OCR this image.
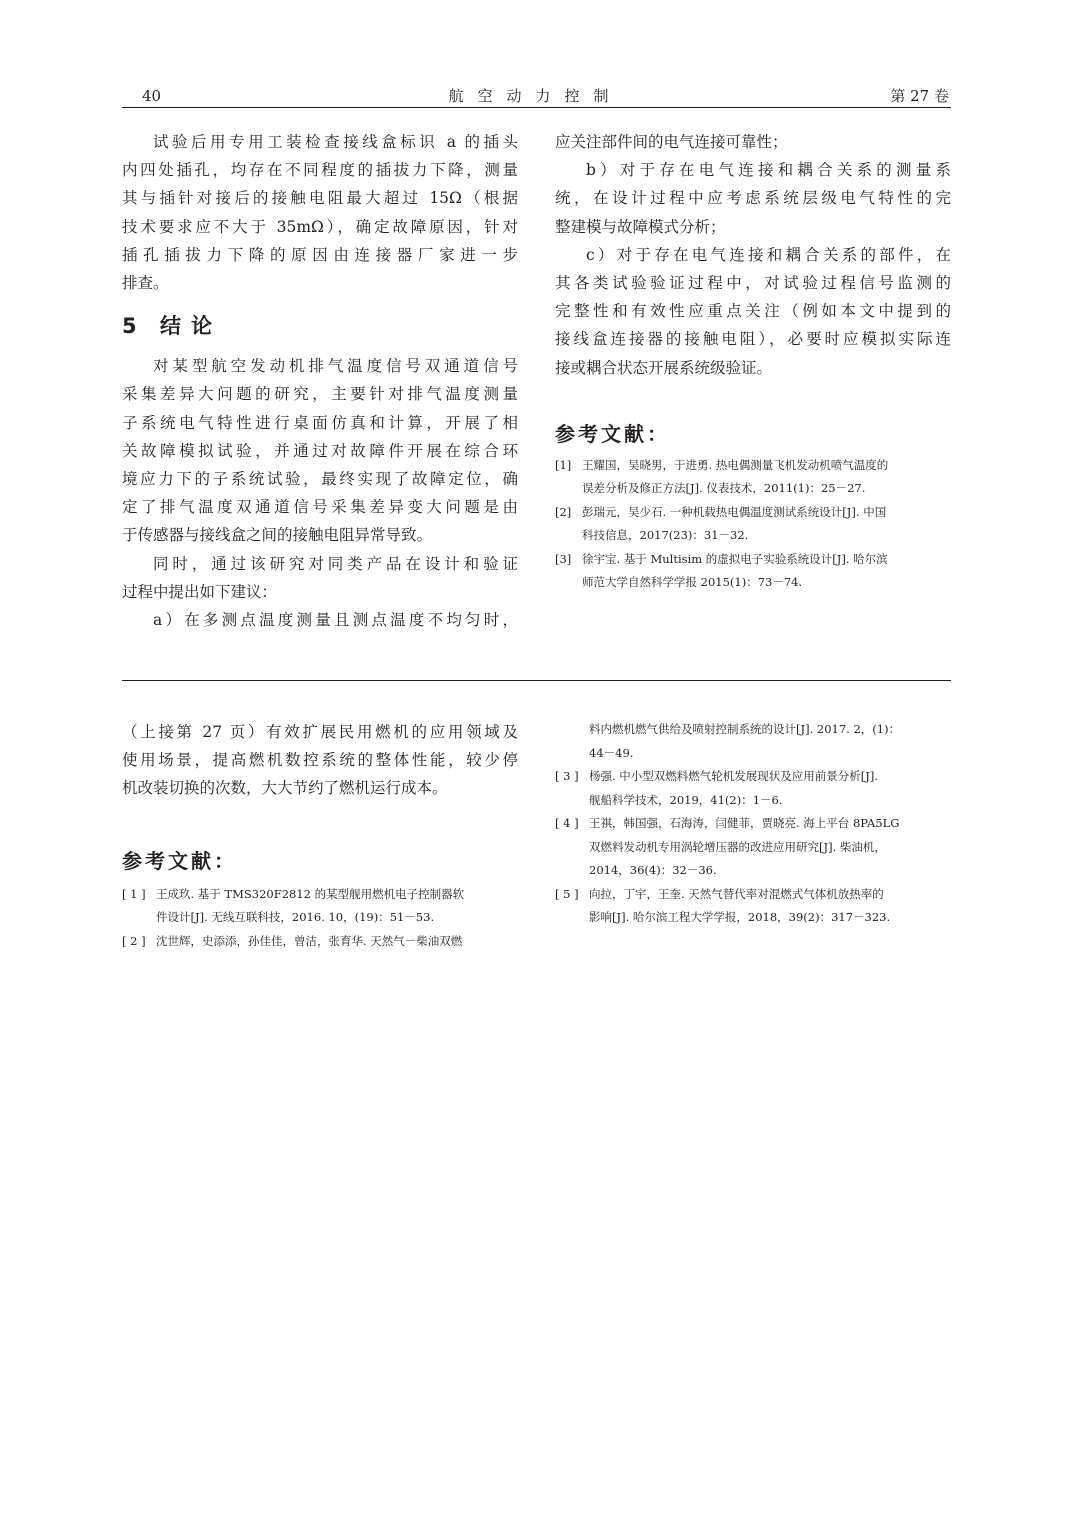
40	航空动力控制	第 27 卷

试验后用专用工装检查接线盒标识 a 的插头

内四处插孔，均存在不同程度的插拔力下降，测量

其与插针对接后的接触电阻最大超过 15Ω（根据

技术要求应不大于 35mΩ），确定故障原因，针对

插孔插拔力下降的原因由连接器厂家进一步

排查。

5 结论

对某型航空发动机排气温度信号双通道信号

采集差异大问题的研究，主要针对排气温度测量

子系统电气特性进行桌面仿真和计算，开展了相

关故障模拟试验，并通过对故障件开展在综合环

境应力下的子系统试验，最终实现了故障定位，确

定了排气温度双通道信号采集差异变大问题是由

于传感器与接线盒之间的接触电阻异常导致。

同时，通过该研究对同类产品在设计和验证

过程中提出如下建议：

a）在多测点温度测量且测点温度不均匀时，

应关注部件间的电气连接可靠性；

b）对于存在电气连接和耦合关系的测量系

统，在设计过程中应考虑系统层级电气特性的完

整建模与故障模式分析；

c）对于存在电气连接和耦合关系的部件，在

其各类试验验证过程中，对试验过程信号监测的

完整性和有效性应重点关注（例如本文中提到的

接线盒连接器的接触电阻），必要时应模拟实际连

接或耦合状态开展系统级验证。

参考文献：
[1] 王耀国，吴晓男，于进勇. 热电偶测量飞机发动机喷气温度的
误差分析及修正方法[J]. 仪表技术，2011(1)：25－27.
[2] 彭瑞元，吴少石. 一种机载热电偶温度测试系统设计[J]. 中国
科技信息，2017(23)：31－32.
[3] 徐宇宝. 基于 Multisim 的虚拟电子实验系统设计[J]. 哈尔滨
师范大学自然科学学报 2015(1)：73－74.

（上接第 27 页）有效扩展民用燃机的应用领域及

使用场景，提高燃机数控系统的整体性能，较少停

机改装切换的次数，大大节约了燃机运行成本。

参考文献：
[ 1 ] 王成玖. 基于 TMS320F2812 的某型舰用燃机电子控制器软
件设计[J]. 无线互联科技，2016. 10，(19)：51－53.
[ 2 ] 沈世辉，史添添，孙佳佳，曾洁，张育华. 天然气－柴油双燃
料内燃机燃气供给及喷射控制系统的设计[J]. 2017. 2，(1)：
44－49.
[ 3 ] 杨强. 中小型双燃料燃气轮机发展现状及应用前景分析[J].
舰船科学技术，2019，41(2)：1－6.
[ 4 ] 王祺，韩国强，石海涛，闫健菲，贾晓亮. 海上平台 8PA5LG
双燃料发动机专用涡轮增压器的改进应用研究[J]. 柴油机，
2014，36(4)：32－36.
[ 5 ] 向拉，丁宇，王奎. 天然气替代率对混燃式气体机放热率的
影响[J]. 哈尔滨工程大学学报，2018，39(2)：317－323.
